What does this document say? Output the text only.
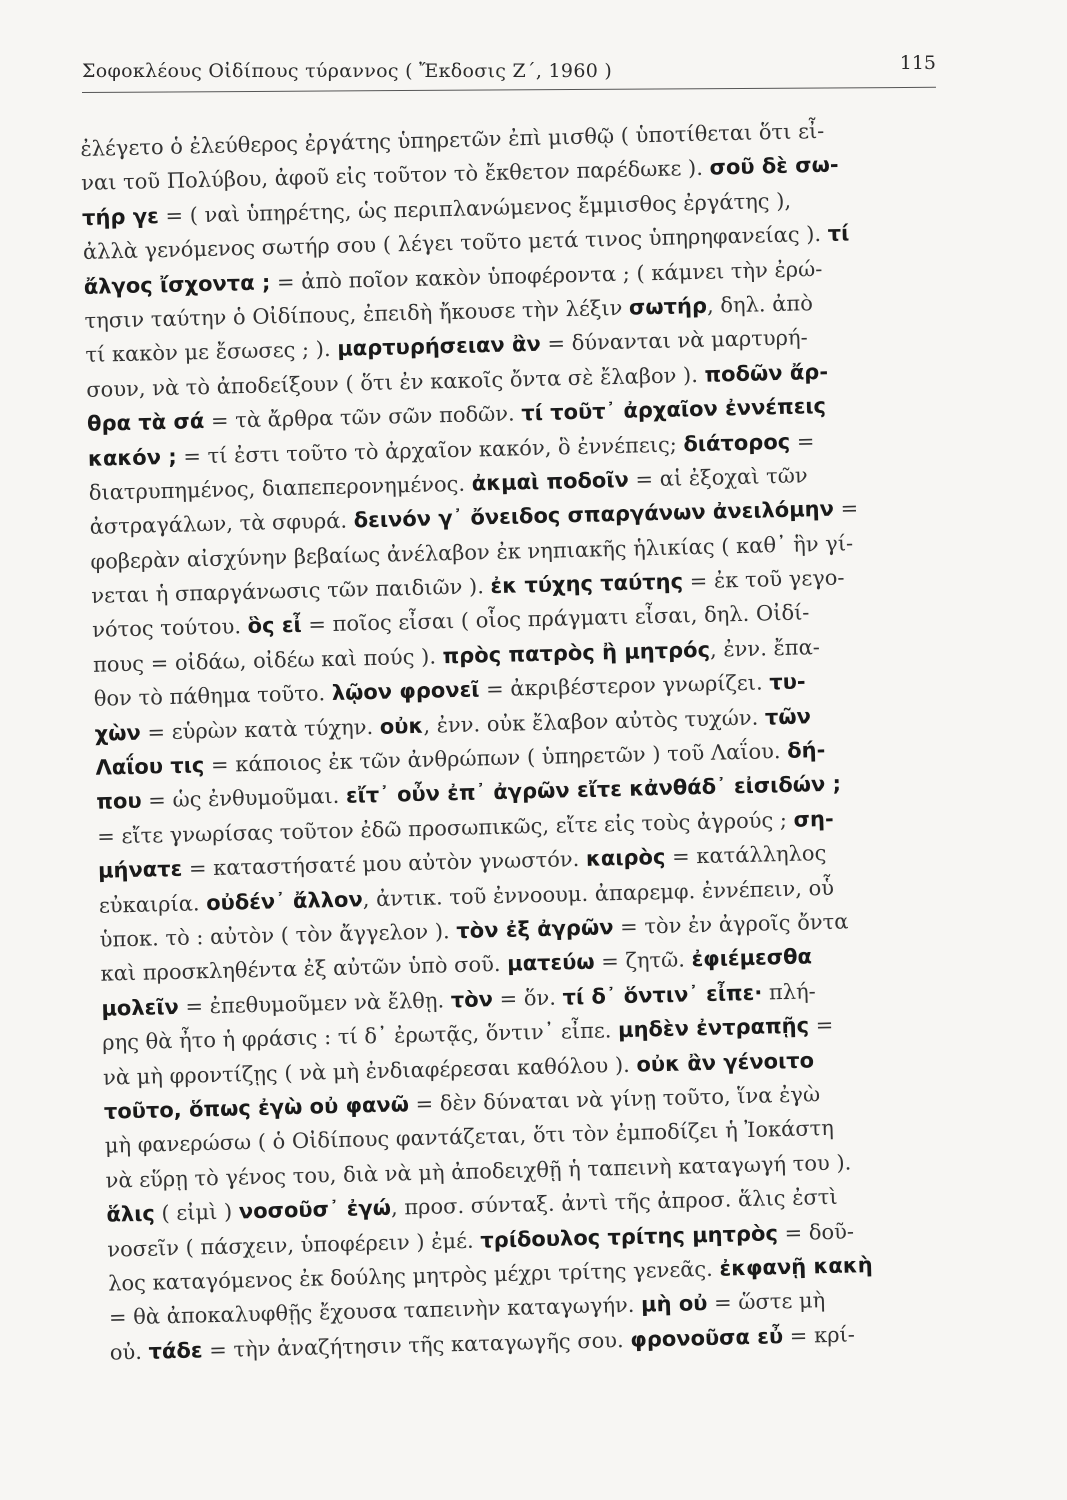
Σοφοκλέους Οἰδίπους τύραννος ( Ἔκδοσις Ζ΄, 1960 )	115
ἐλέγετο ὁ ἐλεύθερος ἐργάτης ὑπηρετῶν ἐπὶ μισθῷ ( ὑποτίθεται ὅτι εἶ-
ναι τοῦ Πολύβου, ἀφοῦ εἰς τοῦτον τὸ ἔκθετον παρέδωκε ). σοῦ δὲ σω-
τήρ γε = ( ναὶ ὑπηρέτης, ὡς περιπλανώμενος ἔμμισθος ἐργάτης ),
ἀλλὰ γενόμενος σωτήρ σου ( λέγει τοῦτο μετά τινος ὑπηρηφανείας ). τί
ἄλγος ἴσχοντα ; = ἀπὸ ποῖον κακὸν ὑποφέροντα ; ( κάμνει τὴν ἐρώ-
τησιν ταύτην ὁ Οἰδίπους, ἐπειδὴ ἤκουσε τὴν λέξιν σωτήρ, δηλ. ἀπὸ
τί κακὸν με ἔσωσες ; ). μαρτυρήσειαν ἂν = δύνανται νὰ μαρτυρή-
σουν, νὰ τὸ ἀποδείξουν ( ὅτι ἐν κακοῖς ὄντα σὲ ἔλαβον ). ποδῶν ἄρ-
θρα τὰ σά = τὰ ἄρθρα τῶν σῶν ποδῶν. τί τοῦτ᾽ ἀρχαῖον ἐννέπεις
κακόν ; = τί ἐστι τοῦτο τὸ ἀρχαῖον κακόν, ὃ ἐννέπεις; διάτορος =
διατρυπημένος, διαπεπερονημένος. ἀκμαὶ ποδοῖν = αἱ ἐξοχαὶ τῶν
ἀστραγάλων, τὰ σφυρά. δεινόν γ᾽ ὄνειδος σπαργάνων ἀνειλόμην =
φοβερὰν αἰσχύνην βεβαίως ἀνέλαβον ἐκ νηπιακῆς ἡλικίας ( καθ᾽ ἣν γί-
νεται ἡ σπαργάνωσις τῶν παιδιῶν ). ἐκ τύχης ταύτης = ἐκ τοῦ γεγο-
νότος τούτου. ὃς εἶ = ποῖος εἶσαι ( οἷος πράγματι εἶσαι, δηλ. Οἰδί-
πους = οἰδάω, οἰδέω καὶ πούς ). πρὸς πατρὸς ἢ μητρός, ἐνν. ἔπα-
θον τὸ πάθημα τοῦτο. λῷον φρονεῖ = ἀκριβέστερον γνωρίζει. τυ-
χὼν = εὑρὼν κατὰ τύχην. οὐκ, ἐνν. οὐκ ἔλαβον αὐτὸς τυχών. τῶν
Λαΐου τις = κάποιος ἐκ τῶν ἀνθρώπων ( ὑπηρετῶν ) τοῦ Λαΐου. δή-
που = ὡς ἐνθυμοῦμαι. εἴτ᾽ οὖν ἐπ᾽ ἀγρῶν εἴτε κἀνθάδ᾽ εἰσιδών ;
= εἴτε γνωρίσας τοῦτον ἐδῶ προσωπικῶς, εἴτε εἰς τοὺς ἀγρούς ; ση-
μήνατε = καταστήσατέ μου αὐτὸν γνωστόν. καιρὸς = κατάλληλος
εὐκαιρία. οὐδέν᾽ ἄλλον, ἀντικ. τοῦ ἐννοουμ. ἀπαρεμφ. ἐννέπειν, οὗ
ὑποκ. τὸ : αὐτὸν ( τὸν ἄγγελον ). τὸν ἐξ ἀγρῶν = τὸν ἐν ἀγροῖς ὄντα
καὶ προσκληθέντα ἐξ αὐτῶν ὑπὸ σοῦ. ματεύω = ζητῶ. ἐφιέμεσθα
μολεῖν = ἐπεθυμοῦμεν νὰ ἔλθῃ. τὸν = ὅν. τί δ᾽ ὅντιν᾽ εἶπε· πλή-
ρης θὰ ἦτο ἡ φράσις : τί δ᾽ ἐρωτᾷς, ὅντιν᾽ εἶπε. μηδὲν ἐντραπῇς =
νὰ μὴ φροντίζῃς ( νὰ μὴ ἐνδιαφέρεσαι καθόλου ). οὐκ ἂν γένοιτο
τοῦτο, ὅπως ἐγὼ οὐ φανῶ = δὲν δύναται νὰ γίνῃ τοῦτο, ἵνα ἐγὼ
μὴ φανερώσω ( ὁ Οἰδίπους φαντάζεται, ὅτι τὸν ἐμποδίζει ἡ Ἰοκάστη
νὰ εὕρῃ τὸ γένος του, διὰ νὰ μὴ ἀποδειχθῇ ἡ ταπεινὴ καταγωγή του ).
ἅλις ( εἰμὶ ) νοσοῦσ᾽ ἐγώ, προσ. σύνταξ. ἀντὶ τῆς ἀπροσ. ἅλις ἐστὶ
νοσεῖν ( πάσχειν, ὑποφέρειν ) ἐμέ. τρίδουλος τρίτης μητρὸς = δοῦ-
λος καταγόμενος ἐκ δούλης μητρὸς μέχρι τρίτης γενεᾶς. ἐκφανῇ κακὴ
= θὰ ἀποκαλυφθῇς ἔχουσα ταπεινὴν καταγωγήν. μὴ οὐ = ὥστε μὴ
οὐ. τάδε = τὴν ἀναζήτησιν τῆς καταγωγῆς σου. φρονοῦσα εὖ = κρί-
